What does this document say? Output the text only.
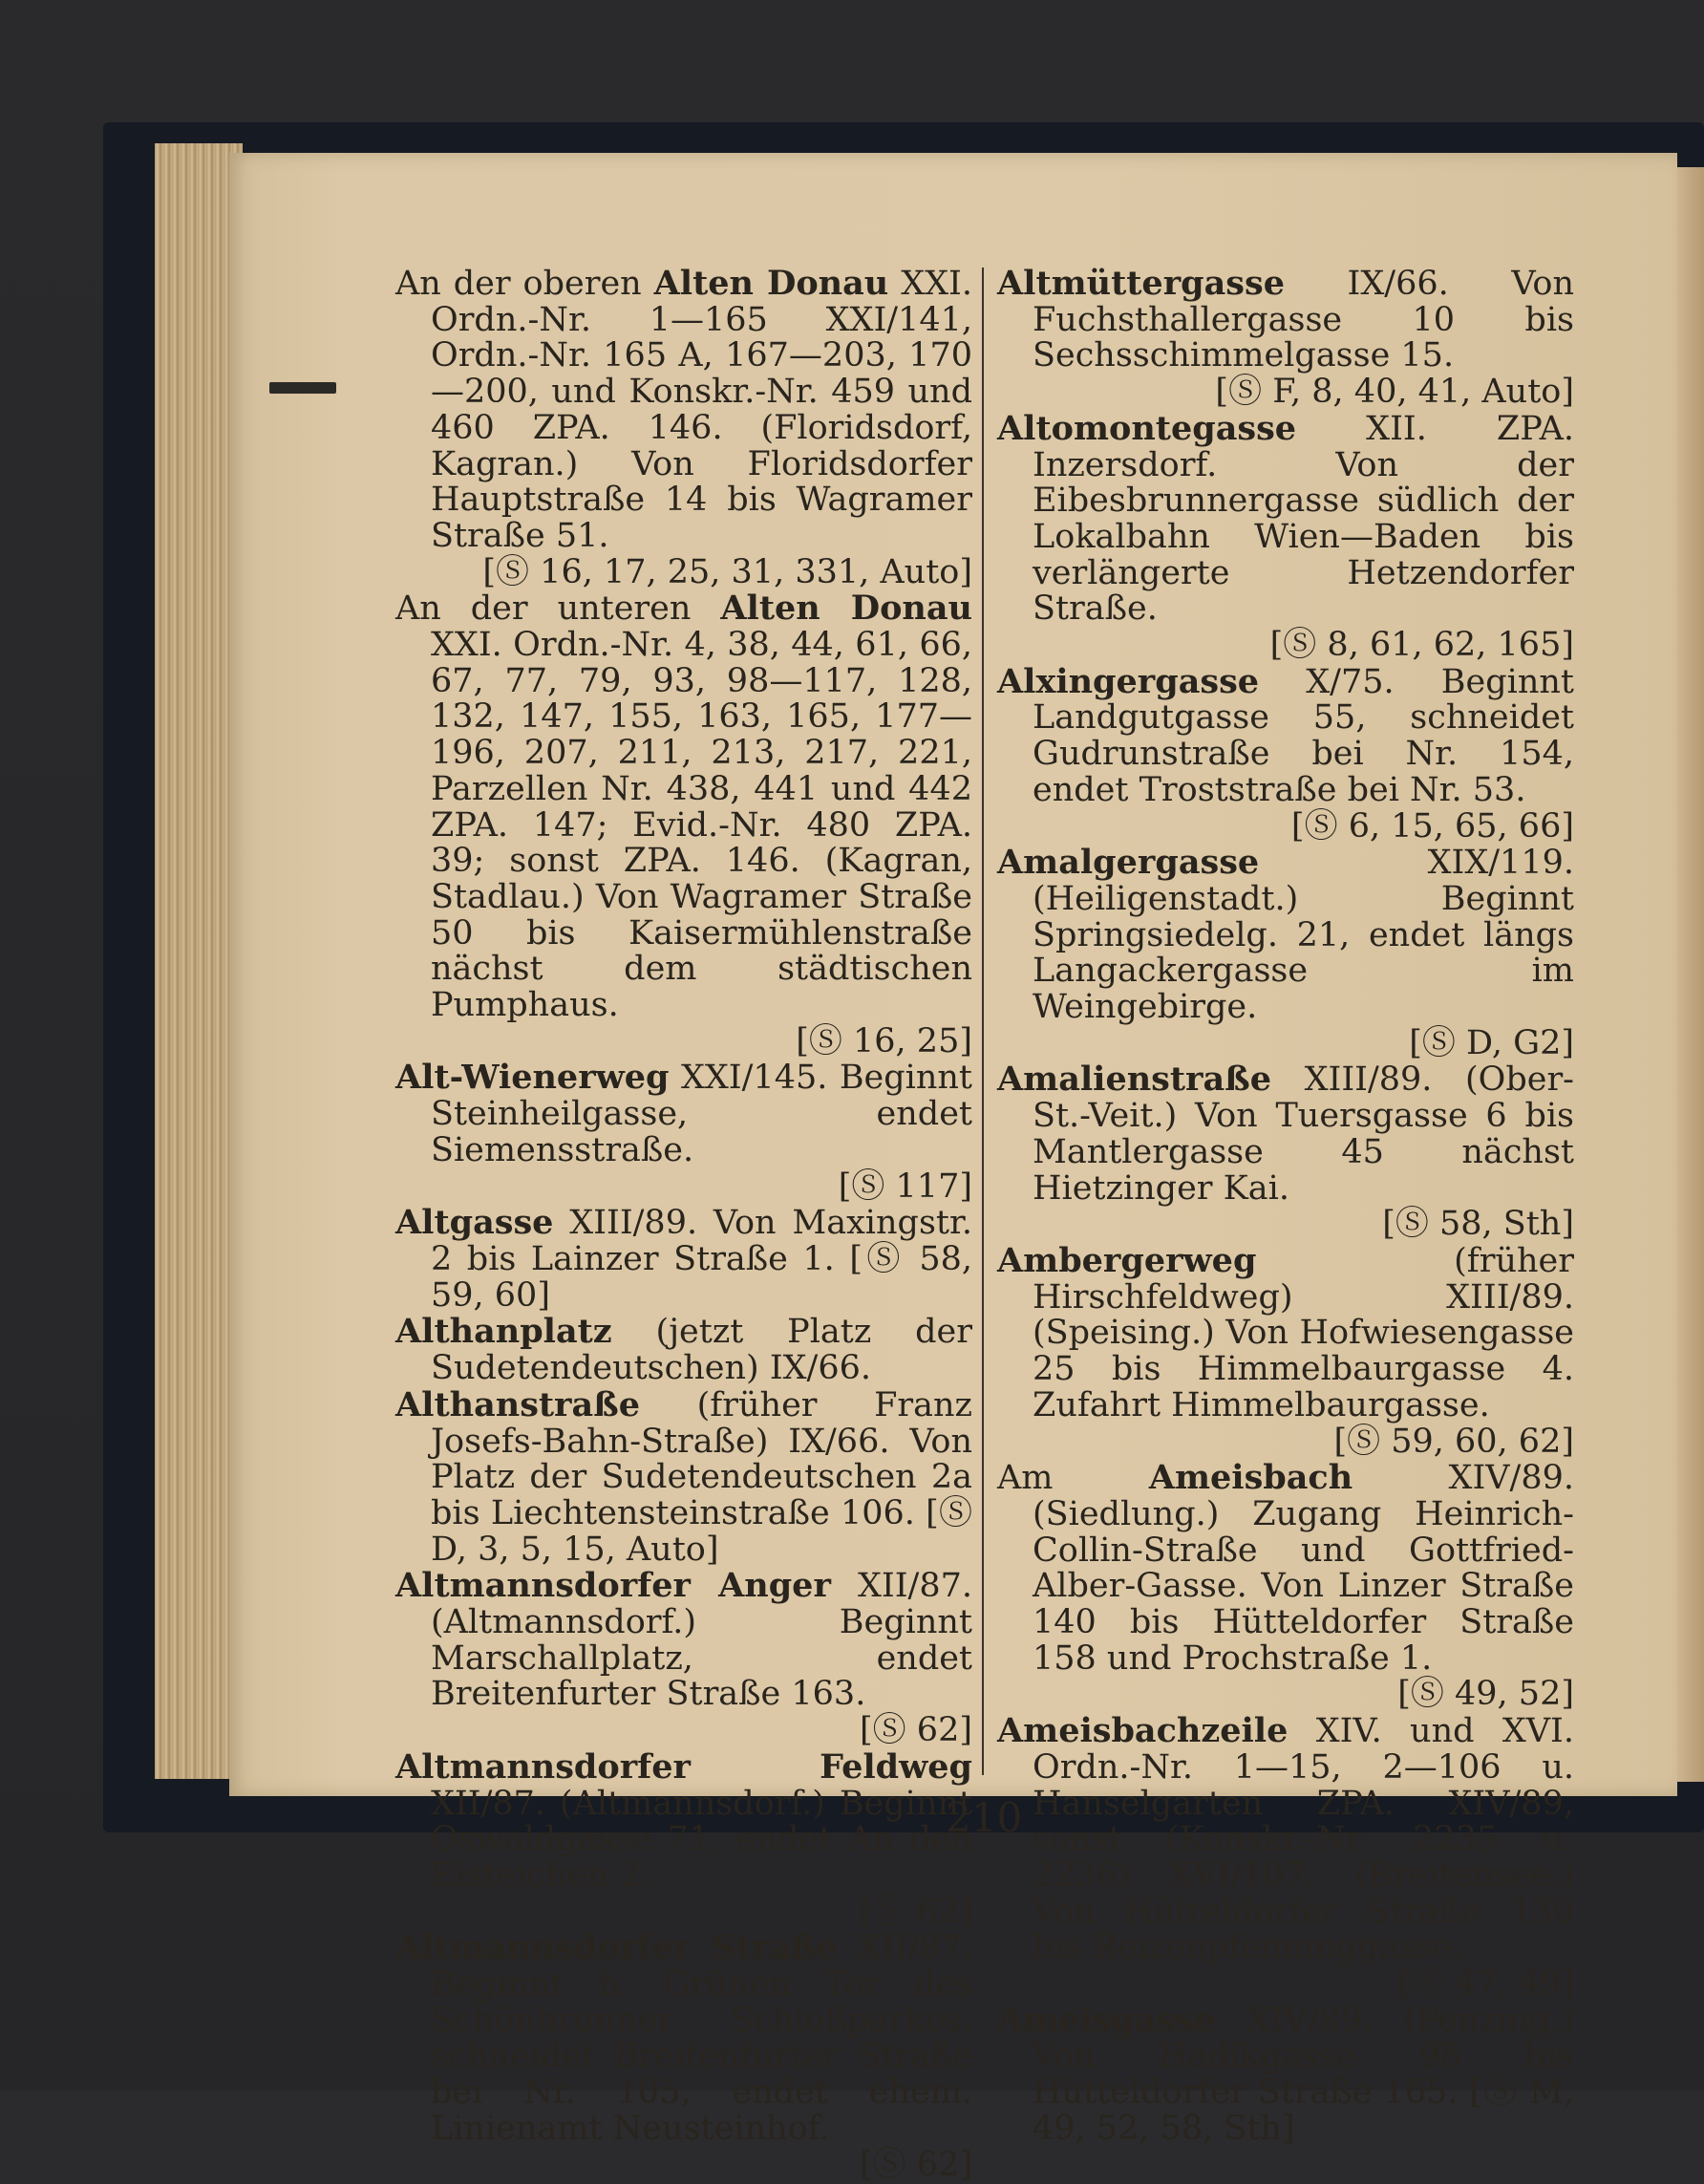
An der oberen Alten Donau XXI. Ordn.-Nr. 1—165 XXI/141, Ordn.-Nr. 165 A, 167—203, 170—200, und Konskr.-Nr. 459 und 460 ZPA. 146. (Floridsdorf, Kagran.) Von Floridsdorfer Hauptstraße 14 bis Wagramer Straße 51.
[Ⓢ 16, 17, 25, 31, 331, Auto]

An der unteren Alten Donau XXI. Ordn.-Nr. 4, 38, 44, 61, 66, 67, 77, 79, 93, 98—117, 128, 132, 147, 155, 163, 165, 177—196, 207, 211, 213, 217, 221, Parzellen Nr. 438, 441 und 442 ZPA. 147; Evid.-Nr. 480 ZPA. 39; sonst ZPA. 146. (Kagran, Stadlau.) Von Wagramer Straße 50 bis Kaisermühlenstraße nächst dem städtischen Pumphaus.
[Ⓢ 16, 25]

Alt-Wienerweg XXI/145. Beginnt Steinheilgasse, endet Siemensstraße.
[Ⓢ 117]

Altgasse XIII/89. Von Maxingstr. 2 bis Lainzer Straße 1. [Ⓢ 58, 59, 60]

Althanplatz (jetzt Platz der Sudetendeutschen) IX/66.

Althanstraße (früher Franz Josefs-Bahn-Straße) IX/66. Von Platz der Sudetendeutschen 2a bis Liechtensteinstraße 106. [Ⓢ D, 3, 5, 15, Auto]

Altmannsdorfer Anger XII/87. (Altmannsdorf.) Beginnt Marschallplatz, endet Breitenfurter Straße 163.
[Ⓢ 62]

Altmannsdorfer Feldweg XII/87. (Altmannsdorf.) Beginnt Oswaldgasse 71, endet An den Eisteichen 2.
[Ⓢ 62]

Altmannsdorfer Straße XII/87. Beginnt b. Grünen Tor des Schönbrunner Schloßparkes, schneidet Breitenfurter Straße bei Nr. 105, endet ehem. Linienamt Neusteinhof.
[Ⓢ 62]

Altmüttergasse IX/66. Von Fuchsthallergasse 10 bis Sechsschimmelgasse 15.
[Ⓢ F, 8, 40, 41, Auto]

Altomontegasse XII. ZPA. Inzersdorf. Von der Eibesbrunnergasse südlich der Lokalbahn Wien—Baden bis verlängerte Hetzendorfer Straße.
[Ⓢ 8, 61, 62, 165]

Alxingergasse X/75. Beginnt Landgutgasse 55, schneidet Gudrunstraße bei Nr. 154, endet Troststraße bei Nr. 53.
[Ⓢ 6, 15, 65, 66]

Amalgergasse XIX/119. (Heiligenstadt.) Beginnt Springsiedelg. 21, endet längs Langackergasse im Weingebirge.
[Ⓢ D, G2]

Amalienstraße XIII/89. (Ober-St.-Veit.) Von Tuersgasse 6 bis Mantlergasse 45 nächst Hietzinger Kai.
[Ⓢ 58, Sth]

Ambergerweg (früher Hirschfeldweg) XIII/89. (Speising.) Von Hofwiesengasse 25 bis Himmelbaurgasse 4. Zufahrt Himmelbaurgasse.
[Ⓢ 59, 60, 62]

Am Ameisbach XIV/89. (Siedlung.) Zugang Heinrich-Collin-Straße und Gottfried-Alber-Gasse. Von Linzer Straße 140 bis Hütteldorfer Straße 158 und Prochstraße 1.
[Ⓢ 49, 52]

Ameisbachzeile XIV. und XVI. Ordn.-Nr. 1—15, 2—106 u. Hanselgarten ZPA. XIV/89, sonst (Konskr.-Nr. 2235 u. 2236) XVI/107. (Breitensee.) Von Hütteldorfer Straße 130 bis Reizenpfenninggasse.
[Ⓢ 47, 49]

Ameisgasse XIV/89. (Penzing.) Von Hadikgasse 98 bis Hütteldorfer Straße 165. [Ⓢ M, 49, 52, 58, Sth]

210
